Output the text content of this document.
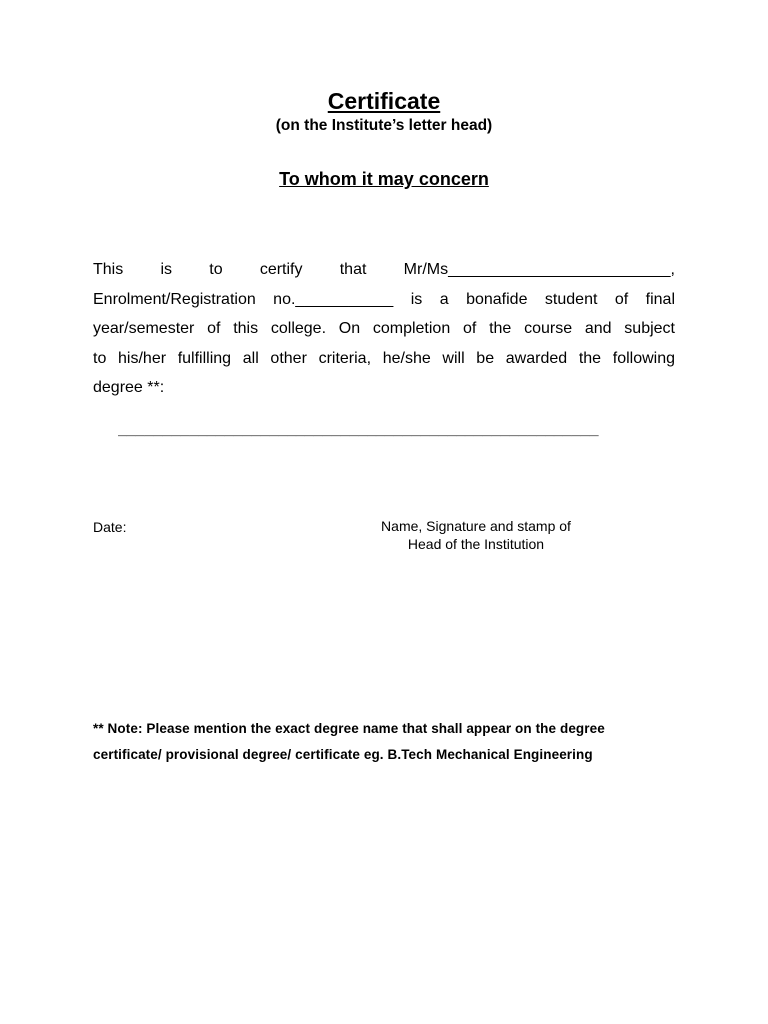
Certificate
(on the Institute’s letter head)
To whom it may concern
This is to certify that Mr/Ms_________________________,
Enrolment/Registration no.___________ is a bonafide student of final
year/semester of this college. On completion of the course and subject
to his/her fulfilling all other criteria, he/she will be awarded the following
degree **:
______________________________________________________
Date:	Name, Signature and stamp of
Head of the Institution
** Note: Please mention the exact degree name that shall appear on the degree
certificate/ provisional degree/ certificate eg. B.Tech Mechanical Engineering
